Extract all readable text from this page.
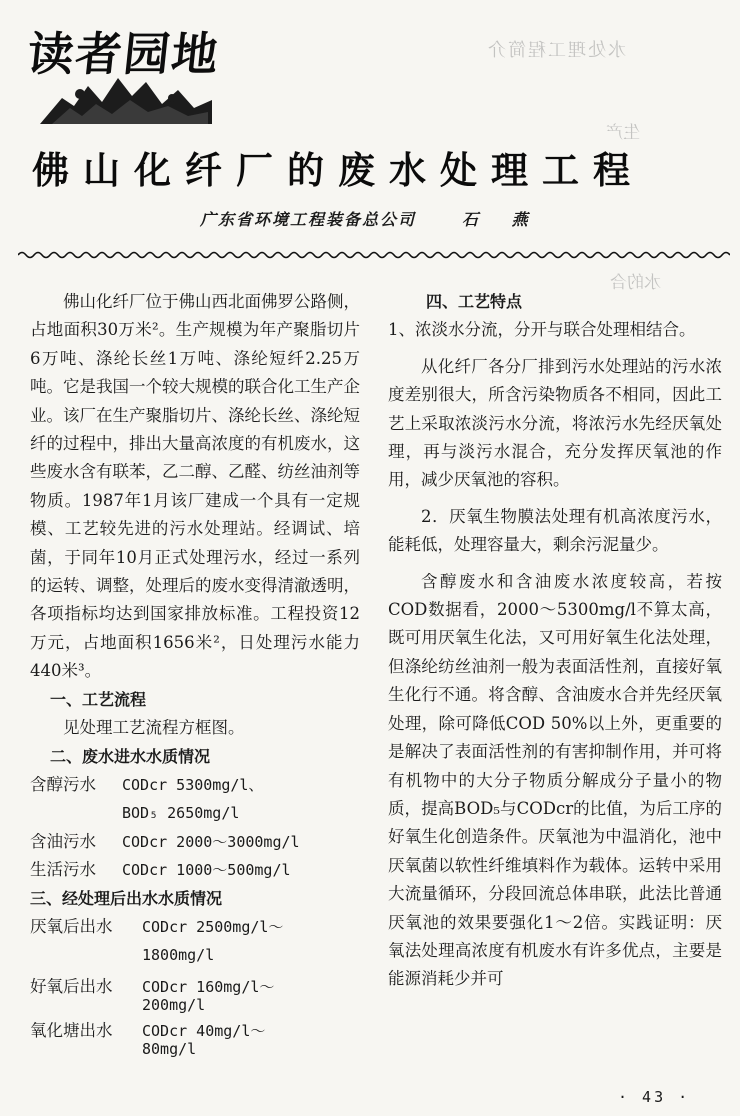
读者园地	水处理工程简介
生产
水的合
佛山化纤厂的废水处理工程
广东省环境工程装备总公司	石 燕

佛山化纤厂位于佛山西北面佛罗公路侧，占地面积30万米²。生产规模为年产聚脂切片6万吨、涤纶长丝1万吨、涤纶短纤2.25万吨。它是我国一个较大规模的联合化工生产企业。该厂在生产聚脂切片、涤纶长丝、涤纶短纤的过程中，排出大量高浓度的有机废水，这些废水含有联苯，乙二醇、乙醛、纺丝油剂等物质。1987年1月该厂建成一个具有一定规模、工艺较先进的污水处理站。经调试、培菌，于同年10月正式处理污水，经过一系列的运转、调整，处理后的废水变得清澈透明，各项指标均达到国家排放标准。工程投资12万元，占地面积1656米²，日处理污水能力440米³。

一、工艺流程

见处理工艺流程方框图。

二、废水进水水质情况
含醇污水	CODcr 5300mg/l、
BOD₅ 2650mg/l
含油污水	CODcr 2000～3000mg/l
生活污水	CODcr 1000～500mg/l
三、经处理后出水水质情况
厌氧后出水	CODcr 2500mg/l～
1800mg/l
好氧后出水	CODcr 160mg/l～
200mg/l
氧化塘出水	CODcr 40mg/l～
80mg/l
四、工艺特点

1、浓淡水分流，分开与联合处理相结合。

从化纤厂各分厂排到污水处理站的污水浓度差别很大，所含污染物质各不相同，因此工艺上采取浓淡污水分流，将浓污水先经厌氧处理，再与淡污水混合，充分发挥厌氧池的作用，减少厌氧池的容积。

2．厌氧生物膜法处理有机高浓度污水，能耗低，处理容量大，剩余污泥量少。

含醇废水和含油废水浓度较高，若按COD数据看，2000～5300mg/l不算太高，既可用厌氧生化法，又可用好氧生化法处理，但涤纶纺丝油剂一般为表面活性剂，直接好氧生化行不通。将含醇、含油废水合并先经厌氧处理，除可降低COD 50%以上外，更重要的是解决了表面活性剂的有害抑制作用，并可将有机物中的大分子物质分解成分子量小的物质，提高BOD₅与CODcr的比值，为后工序的好氧生化创造条件。厌氧池为中温消化，池中厌氧菌以软性纤维填料作为载体。运转中采用大流量循环，分段回流总体串联，此法比普通厌氧池的效果要强化1～2倍。实践证明：厌氧法处理高浓度有机废水有许多优点，主要是能源消耗少并可

· 43 ·
